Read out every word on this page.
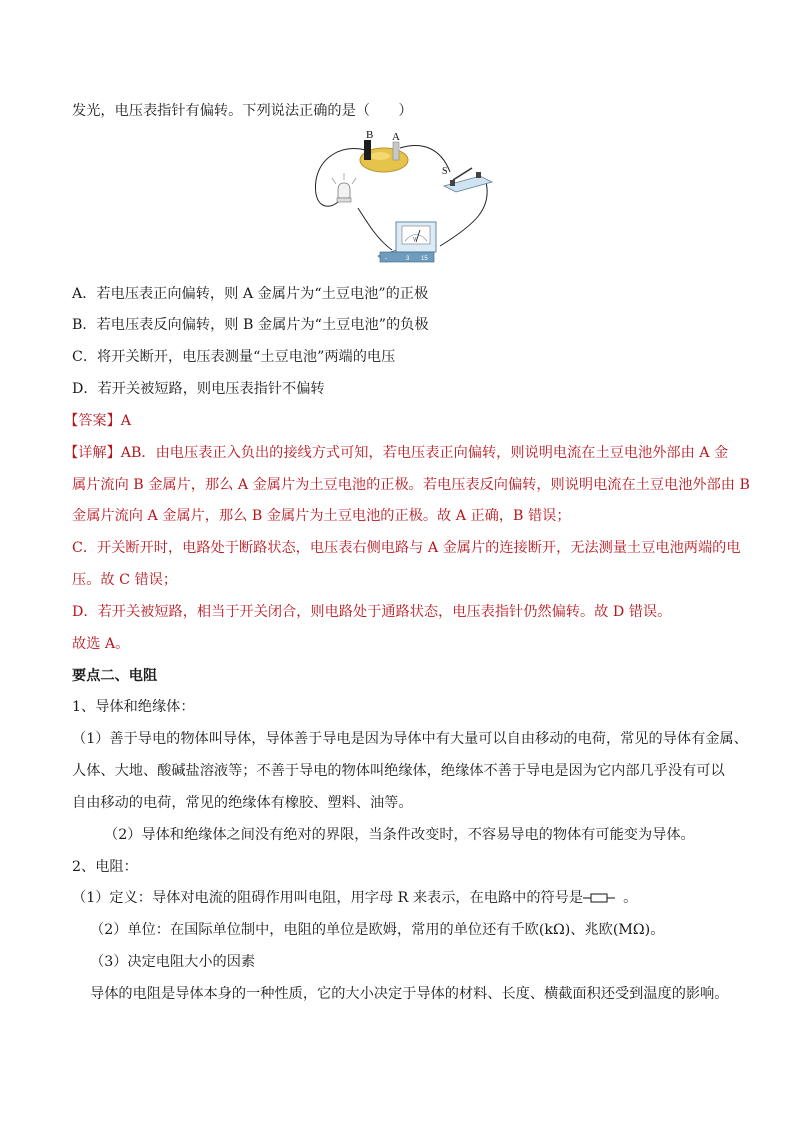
发光，电压表指针有偏转。下列说法正确的是（　　）
B A
S
V
-	3 15
A．若电压表正向偏转，则 A 金属片为“土豆电池”的正极
B．若电压表反向偏转，则 B 金属片为“土豆电池”的负极
C．将开关断开，电压表测量“土豆电池”两端的电压
D．若开关被短路，则电压表指针不偏转
【答案】A
【详解】AB．由电压表正入负出的接线方式可知，若电压表正向偏转，则说明电流在土豆电池外部由 A 金
属片流向 B 金属片，那么 A 金属片为土豆电池的正极。若电压表反向偏转，则说明电流在土豆电池外部由 B
金属片流向 A 金属片，那么 B 金属片为土豆电池的正极。故 A 正确，B 错误；
C．开关断开时，电路处于断路状态，电压表右侧电路与 A 金属片的连接断开，无法测量土豆电池两端的电
压。故 C 错误；
D．若开关被短路，相当于开关闭合，则电路处于通路状态，电压表指针仍然偏转。故 D 错误。
故选 A。
要点二、电阻
1、导体和绝缘体：
（1）善于导电的物体叫导体，导体善于导电是因为导体中有大量可以自由移动的电荷，常见的导体有金属、
人体、大地、酸碱盐溶液等；不善于导电的物体叫绝缘体，绝缘体不善于导电是因为它内部几乎没有可以
自由移动的电荷，常见的绝缘体有橡胶、塑料、油等。
（2）导体和绝缘体之间没有绝对的界限，当条件改变时，不容易导电的物体有可能变为导体。
2、电阻：
（1）定义：导体对电流的阻碍作用叫电阻，用字母 R 来表示，在电路中的符号是	。
（2）单位：在国际单位制中，电阻的单位是欧姆，常用的单位还有千欧(kΩ)、兆欧(MΩ)。
（3）决定电阻大小的因素
导体的电阻是导体本身的一种性质，它的大小决定于导体的材料、长度、横截面积还受到温度的影响。
